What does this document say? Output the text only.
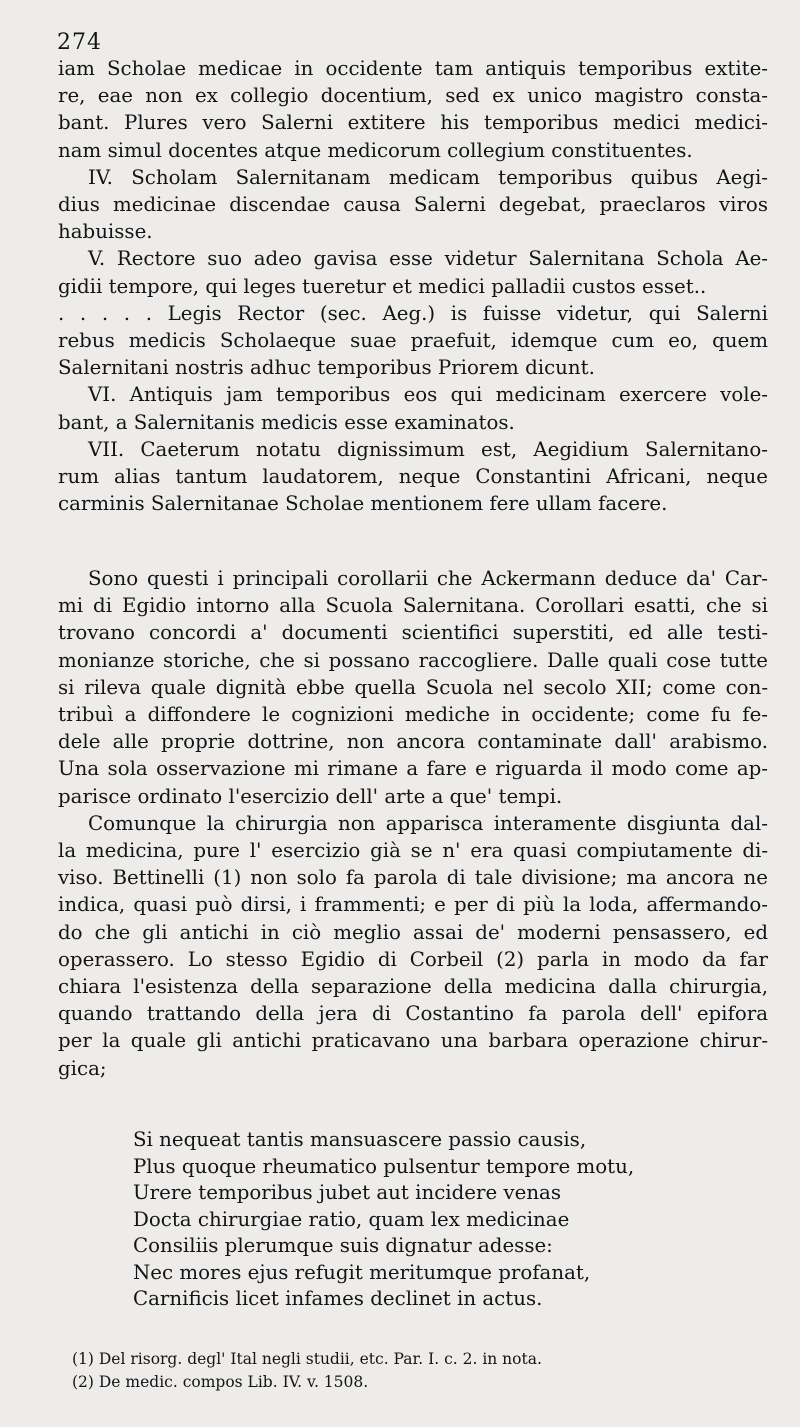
274

iam Scholae medicae in occidente tam antiquis temporibus extite-

re, eae non ex collegio docentium, sed ex unico magistro consta-

bant. Plures vero Salerni extitere his temporibus medici medici-

nam simul docentes atque medicorum collegium constituentes.

IV. Scholam Salernitanam medicam temporibus quibus Aegi-

dius medicinae discendae causa Salerni degebat, praeclaros viros

habuisse.

V. Rectore suo adeo gavisa esse videtur Salernitana Schola Ae-

gidii tempore, qui leges tueretur et medici palladii custos esset..

. . . . . Legis Rector (sec. Aeg.) is fuisse videtur, qui Salerni

rebus medicis Scholaeque suae praefuit, idemque cum eo, quem

Salernitani nostris adhuc temporibus Priorem dicunt.

VI. Antiquis jam temporibus eos qui medicinam exercere vole-

bant, a Salernitanis medicis esse examinatos.

VII. Caeterum notatu dignissimum est, Aegidium Salernitano-

rum alias tantum laudatorem, neque Constantini Africani, neque

carminis Salernitanae Scholae mentionem fere ullam facere.

Sono questi i principali corollarii che Ackermann deduce da' Car-

mi di Egidio intorno alla Scuola Salernitana. Corollari esatti, che si

trovano concordi a' documenti scientifici superstiti, ed alle testi-

monianze storiche, che si possano raccogliere. Dalle quali cose tutte

si rileva quale dignità ebbe quella Scuola nel secolo XII; come con-

tribuì a diffondere le cognizioni mediche in occidente; come fu fe-

dele alle proprie dottrine, non ancora contaminate dall' arabismo.

Una sola osservazione mi rimane a fare e riguarda il modo come ap-

parisce ordinato l'esercizio dell' arte a que' tempi.

Comunque la chirurgia non apparisca interamente disgiunta dal-

la medicina, pure l' esercizio già se n' era quasi compiutamente di-

viso. Bettinelli (1) non solo fa parola di tale divisione; ma ancora ne

indica, quasi può dirsi, i frammenti; e per di più la loda, affermando-

do che gli antichi in ciò meglio assai de' moderni pensassero, ed

operassero. Lo stesso Egidio di Corbeil (2) parla in modo da far

chiara l'esistenza della separazione della medicina dalla chirurgia,

quando trattando della jera di Costantino fa parola dell' epifora

per la quale gli antichi praticavano una barbara operazione chirur-

gica;

Si nequeat tantis mansuascere passio causis,

Plus quoque rheumatico pulsentur tempore motu,

Urere temporibus jubet aut incidere venas

Docta chirurgiae ratio, quam lex medicinae

Consiliis plerumque suis dignatur adesse:

Nec mores ejus refugit meritumque profanat,

Carnificis licet infames declinet in actus.

(1) Del risorg. degl' Ital negli studii, etc. Par. I. c. 2. in nota.

(2) De medic. compos Lib. IV. v. 1508.
